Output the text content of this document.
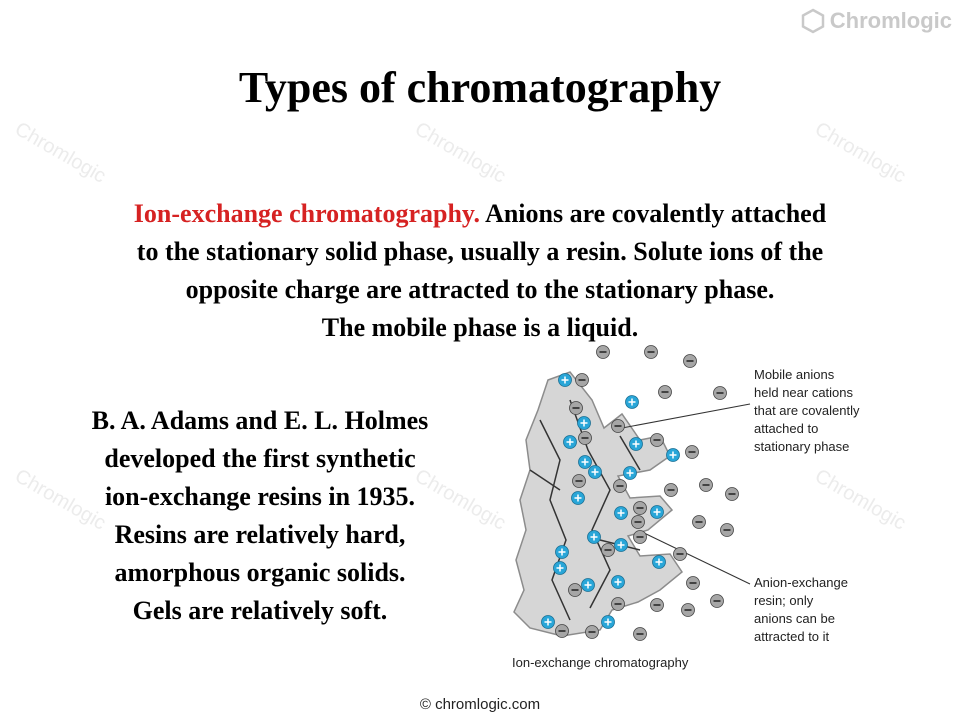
Chromlogic
Chromlogic	Chromlogic	Chromlogic
Chromlogic	Chromlogic	Chromlogic
Types of chromatography
Ion-exchange chromatography. Anions are covalently attached
to the stationary solid phase, usually a resin. Solute ions of the
opposite charge are attracted to the stationary phase.
The mobile phase is a liquid.
B. A. Adams and E. L. Holmes
developed the first synthetic
ion-exchange resins in 1935.
Resins are relatively hard,
amorphous organic solids.
Gels are relatively soft.
Mobile anions
held near cations
that are covalently
attached to
stationary phase
Anion-exchange
resin; only
anions can be
attracted to it
Ion-exchange chromatography
© chromlogic.com
